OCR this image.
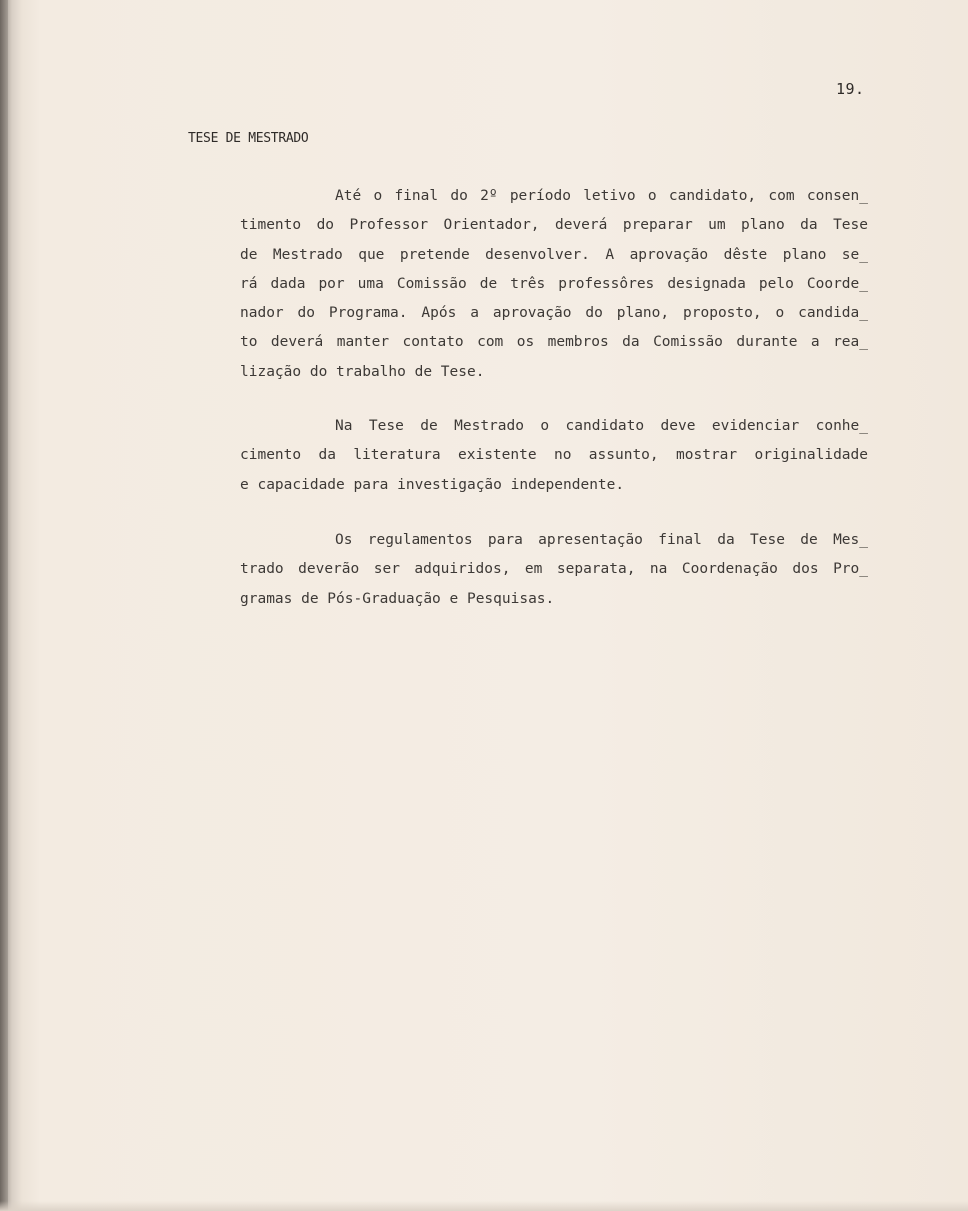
19.
TESE DE MESTRADO
Até o final do 2º período letivo o candidato, com consen_
timento do Professor Orientador, deverá preparar um plano da Tese
de Mestrado que pretende desenvolver. A aprovação dêste plano se_
rá dada por uma Comissão de três professôres designada pelo Coorde_
nador do Programa. Após a aprovação do plano, proposto, o candida_
to deverá manter contato com os membros da Comissão durante a rea_
lização do trabalho de Tese.
Na Tese de Mestrado o candidato deve evidenciar conhe_
cimento da literatura existente no assunto, mostrar originalidade
e capacidade para investigação independente.
Os regulamentos para apresentação final da Tese de Mes_
trado deverão ser adquiridos, em separata, na Coordenação dos Pro_
gramas de Pós-Graduação e Pesquisas.
